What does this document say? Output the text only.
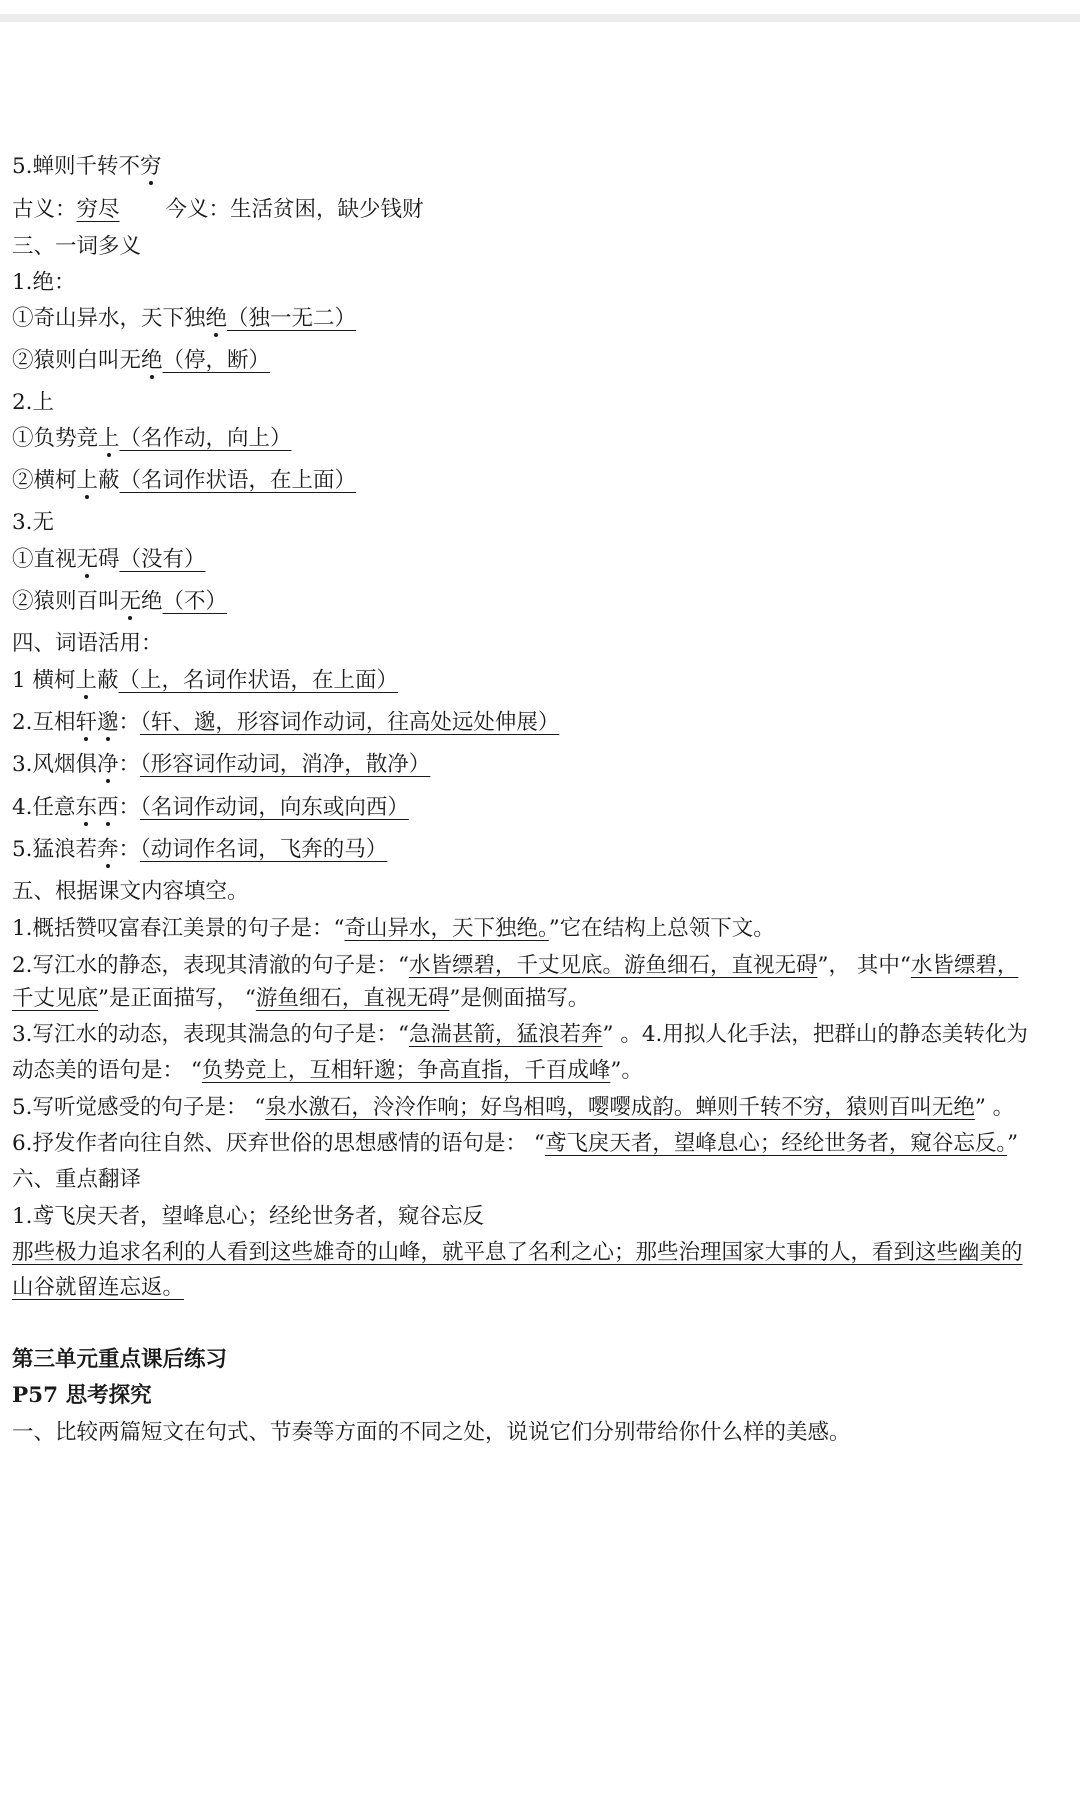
5.蝉则千转不穷
古义：穷尽 今义：生活贫困，缺少钱财
三、一词多义
1.绝：
①奇山异水，天下独绝（独一无二）
②猿则白叫无绝（停，断）
2.上
①负势竞上（名作动，向上）
②横柯上蔽（名词作状语，在上面）
3.无
①直视无碍（没有）
②猿则百叫无绝（不）
四、词语活用：
1 横柯上蔽（上，名词作状语，在上面）
2.互相轩邈：（轩、邈，形容词作动词，往高处远处伸展）
3.风烟俱净：（形容词作动词，消净，散净）
4.任意东西：（名词作动词，向东或向西）
5.猛浪若奔：（动词作名词，飞奔的马）
五、根据课文内容填空。
1.概括赞叹富春江美景的句子是：“奇山异水，天下独绝。”它在结构上总领下文。
2.写江水的静态，表现其清澈的句子是：“水皆缥碧，千丈见底。游鱼细石，直视无碍”， 其中“水皆缥碧，
千丈见底”是正面描写， “游鱼细石，直视无碍”是侧面描写。
3.写江水的动态，表现其湍急的句子是：“急湍甚箭，猛浪若奔” 。4.用拟人化手法，把群山的静态美转化为
动态美的语句是： “负势竞上，互相轩邈；争高直指，千百成峰”。
5.写听觉感受的句子是： “泉水激石，泠泠作响；好鸟相鸣，嘤嘤成韵。蝉则千转不穷，猿则百叫无绝” 。
6.抒发作者向往自然、厌弃世俗的思想感情的语句是： “鸢飞戾天者，望峰息心；经纶世务者，窥谷忘反。”
六、重点翻译
1.鸢飞戾天者，望峰息心；经纶世务者，窥谷忘反
那些极力追求名利的人看到这些雄奇的山峰，就平息了名利之心；那些治理国家大事的人，看到这些幽美的
山谷就留连忘返。
第三单元重点课后练习
P57 思考探究
一、比较两篇短文在句式、节奏等方面的不同之处，说说它们分别带给你什么样的美感。
